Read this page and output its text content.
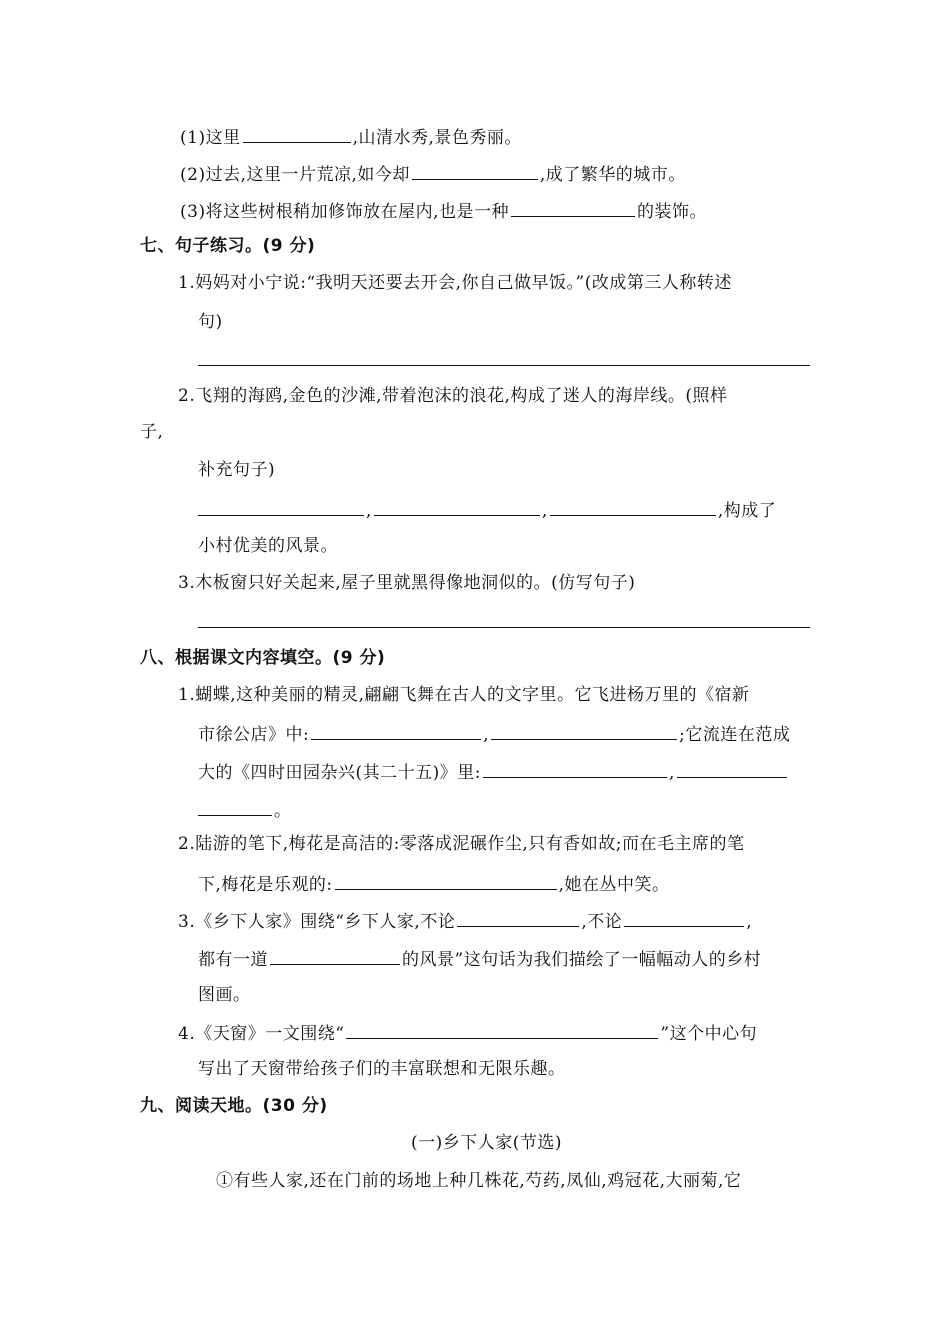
(1)这里	,山清水秀,景色秀丽。
(2)过去,这里一片荒凉,如今却	,成了繁华的城市。
(3)将这些树根稍加修饰放在屋内,也是一种	的装饰。
七、句子练习。(9 分)
1.妈妈对小宁说:“我明天还要去开会,你自己做早饭。”(改成第三人称转述
句)
2.飞翔的海鸥,金色的沙滩,带着泡沫的浪花,构成了迷人的海岸线。(照样
子,
补充句子)
,	,	,构成了
小村优美的风景。
3.木板窗只好关起来,屋子里就黑得像地洞似的。(仿写句子)
八、根据课文内容填空。(9 分)
1.蝴蝶,这种美丽的精灵,翩翩飞舞在古人的文字里。它飞进杨万里的《宿新
市徐公店》中:	,	;它流连在范成
大的《四时田园杂兴(其二十五)》里:	,
。
2.陆游的笔下,梅花是高洁的:零落成泥碾作尘,只有香如故;而在毛主席的笔
下,梅花是乐观的:	,她在丛中笑。
3.《乡下人家》围绕“乡下人家,不论	,不论	,
都有一道	的风景”这句话为我们描绘了一幅幅动人的乡村
图画。
4.《天窗》一文围绕“	”这个中心句
写出了天窗带给孩子们的丰富联想和无限乐趣。
九、阅读天地。(30 分)
(一)乡下人家(节选)
①有些人家,还在门前的场地上种几株花,芍药,凤仙,鸡冠花,大丽菊,它
